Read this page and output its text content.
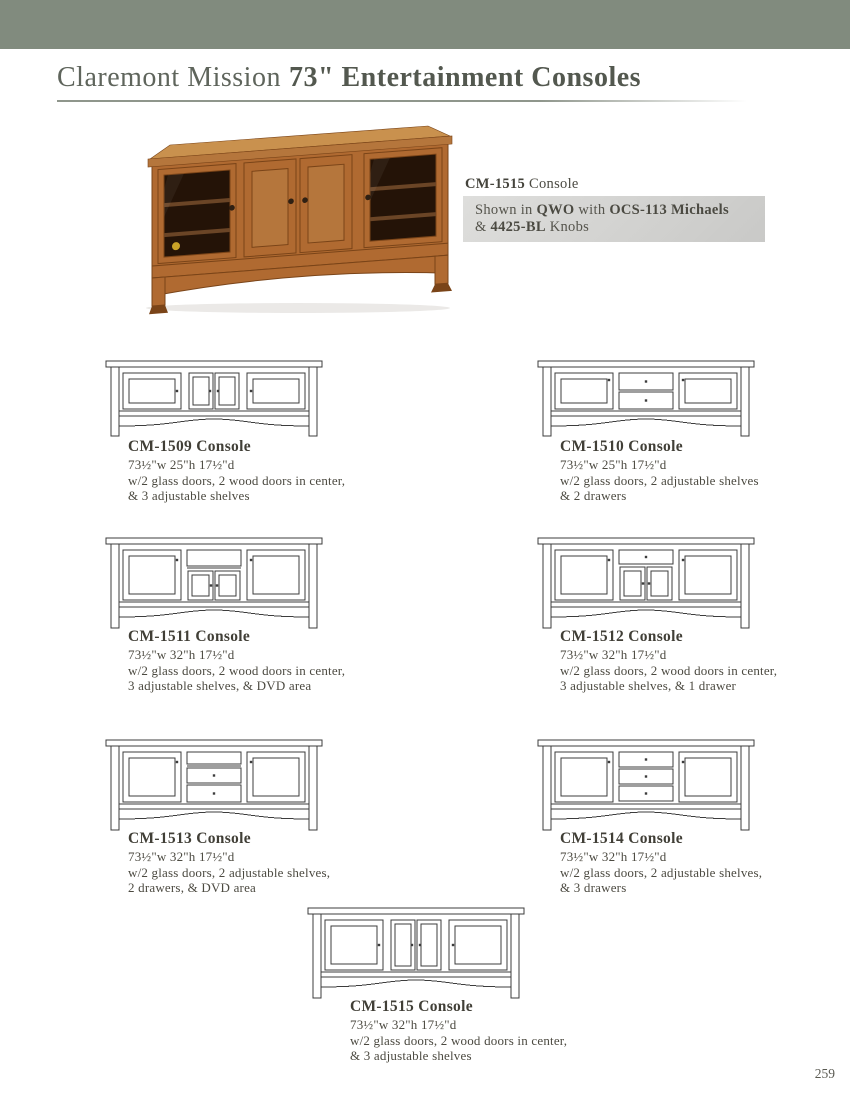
Claremont Mission 73" Entertainment Consoles
CM-1515 Console
Shown in QWO with OCS-113 Michaels
& 4425-BL Knobs
CM-1509 Console
73½"w 25"h 17½"d
w/2 glass doors, 2 wood doors in center,
& 3 adjustable shelves
CM-1510 Console
73½"w 25"h 17½"d
w/2 glass doors, 2 adjustable shelves
& 2 drawers
CM-1511 Console
73½"w 32"h 17½"d
w/2 glass doors, 2 wood doors in center,
3 adjustable shelves, & DVD area
CM-1512 Console
73½"w 32"h 17½"d
w/2 glass doors, 2 wood doors in center,
3 adjustable shelves, & 1 drawer
CM-1513 Console
73½"w 32"h 17½"d
w/2 glass doors, 2 adjustable shelves,
2 drawers, & DVD area
CM-1514 Console
73½"w 32"h 17½"d
w/2 glass doors, 2 adjustable shelves,
& 3 drawers
CM-1515 Console
73½"w 32"h 17½"d
w/2 glass doors, 2 wood doors in center,
& 3 adjustable shelves
259
